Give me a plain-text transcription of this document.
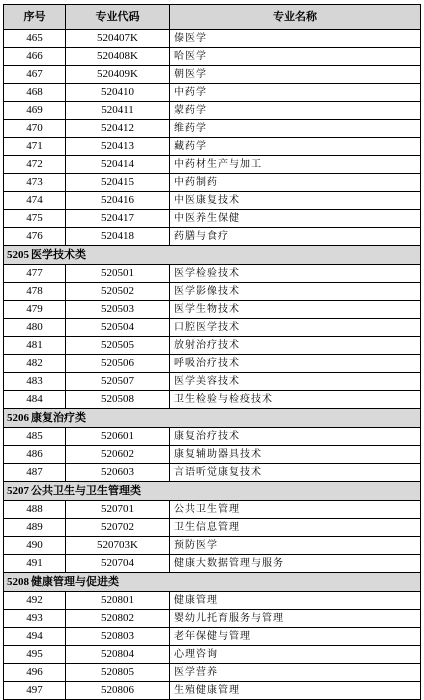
序号	专业代码	专业名称
465	520407K	傣医学
466	520408K	哈医学
467	520409K	朝医学
468	520410	中药学
469	520411	蒙药学
470	520412	维药学
471	520413	藏药学
472	520414	中药材生产与加工
473	520415	中药制药
474	520416	中医康复技术
475	520417	中医养生保健
476	520418	药膳与食疗
5205 医学技术类		
477	520501	医学检验技术
478	520502	医学影像技术
479	520503	医学生物技术
480	520504	口腔医学技术
481	520505	放射治疗技术
482	520506	呼吸治疗技术
483	520507	医学美容技术
484	520508	卫生检验与检疫技术
5206 康复治疗类		
485	520601	康复治疗技术
486	520602	康复辅助器具技术
487	520603	言语听觉康复技术
5207 公共卫生与卫生管理类		
488	520701	公共卫生管理
489	520702	卫生信息管理
490	520703K	预防医学
491	520704	健康大数据管理与服务
5208 健康管理与促进类		
492	520801	健康管理
493	520802	婴幼儿托育服务与管理
494	520803	老年保健与管理
495	520804	心理咨询
496	520805	医学营养
497	520806	生殖健康管理
